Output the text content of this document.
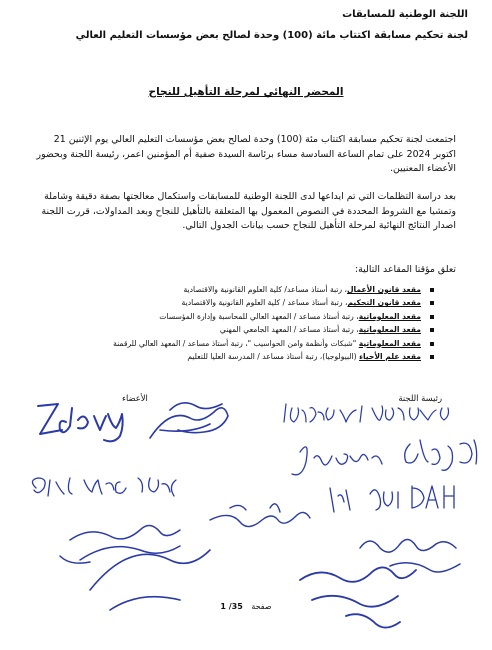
اللجنة الوطنية للمسابقات
لجنة تحكيم مسابقة اكتتاب مائة (100) وحدة لصالح بعض مؤسسات التعليم العالي
المحضر النهائي لمرحلة التأهيل للنجاح
اجتمعت لجنة تحكيم مسابقة اكتتاب مئة (100) وحدة لصالح بعض مؤسسات التعليم العالي يوم الإثنين 21 اكتوبر 2024 على تمام الساعة السادسة مساء برئاسة السيدة صفية أم المؤمنين اعمر، رئيسة اللجنة وبحضور الأعضاء المعنيين.
بعد دراسة التظلمات التي تم ايداعها لدى اللجنة الوطنية للمسابقات واستكمال معالجتها بصفة دقيقة وشاملة وتمشيا مع الشروط المحددة في النصوص المعمول بها المتعلقة بالتأهيل للنجاح وبعد المداولات، قررت اللجنة اصدار النتائج النهائية لمرحلة التأهيل للنجاح حسب بيانات الجدول التالي.
تعلق مؤقتا المقاعد التالية:
مقعد قانون الأعمال، رتبة أستاذ مساعد/ كلية العلوم القانونية والاقتصادية
مقعد قانون التحكيم، رتبة أستاذ مساعد / كلية العلوم القانونية والاقتصادية
مقعد المعلوماتية، رتبة أستاذ مساعد / المعهد العالي للمحاسبة وإدارة المؤسسات
مقعد المعلوماتية، رتبة أستاذ مساعد / المعهد الجامعي المهني
مقعد المعلوماتية "شبكات وأنظمة وامن الحواسيب "، رتبة أستاذ مساعد / المعهد العالي للرقمنة
مقعد علم الأحياء (البيولوجيا)، رتبة أستاذ مساعد / المدرسة العليا للتعليم
رئيسة اللجنة
الأعضاء
صفحة 35/ 1
